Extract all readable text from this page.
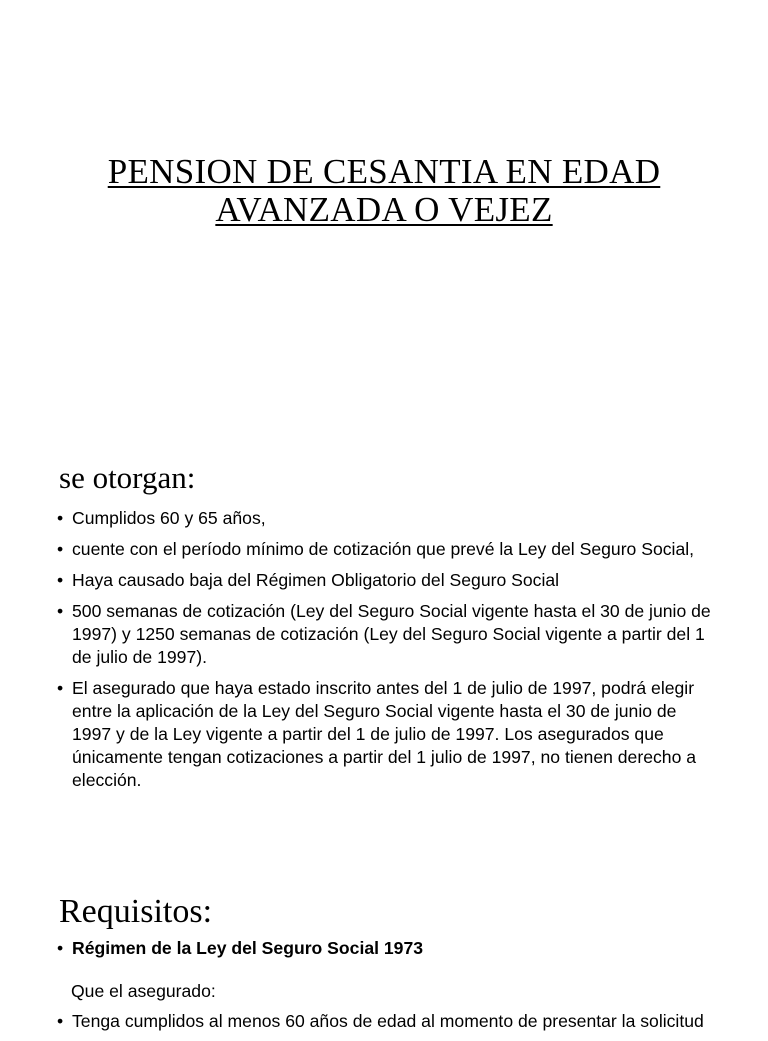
PENSION DE CESANTIA EN EDAD
AVANZADA O VEJEZ
se otorgan:
• Cumplidos 60 y 65 años,
• cuente con el período mínimo de cotización que prevé la Ley del Seguro Social,
• Haya causado baja del Régimen Obligatorio del Seguro Social
• 500 semanas de cotización (Ley del Seguro Social vigente hasta el 30 de junio de 1997) y 1250 semanas de cotización (Ley del Seguro Social vigente a partir del 1 de julio de 1997).
• El asegurado que haya estado inscrito antes del 1 de julio de 1997, podrá elegir entre la aplicación de la Ley del Seguro Social vigente hasta el 30 de junio de 1997 y de la Ley vigente a partir del 1 de julio de 1997. Los asegurados que únicamente tengan cotizaciones a partir del 1 julio de 1997, no tienen derecho a elección.
Requisitos:
• Régimen de la Ley del Seguro Social 1973
Que el asegurado:
• Tenga cumplidos al menos 60 años de edad al momento de presentar la solicitud
